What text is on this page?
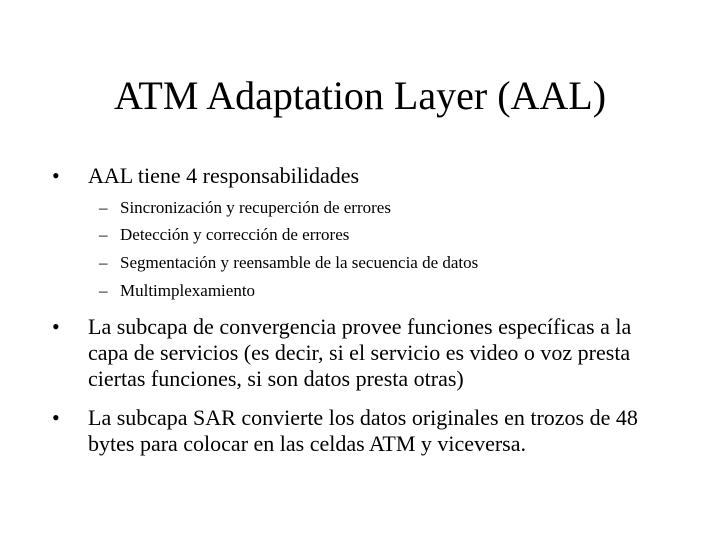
ATM Adaptation Layer (AAL)
•	AAL tiene 4 responsabilidades
– Sincronización y recuperción de errores
– Detección y corrección de errores
– Segmentación y reensamble de la secuencia de datos
– Multimplexamiento
•	La subcapa de convergencia provee funciones específicas a la capa de servicios (es decir, si el servicio es video o voz presta ciertas funciones, si son datos presta otras)
•	La subcapa SAR convierte los datos originales en trozos de 48 bytes para colocar en las celdas ATM y viceversa.
